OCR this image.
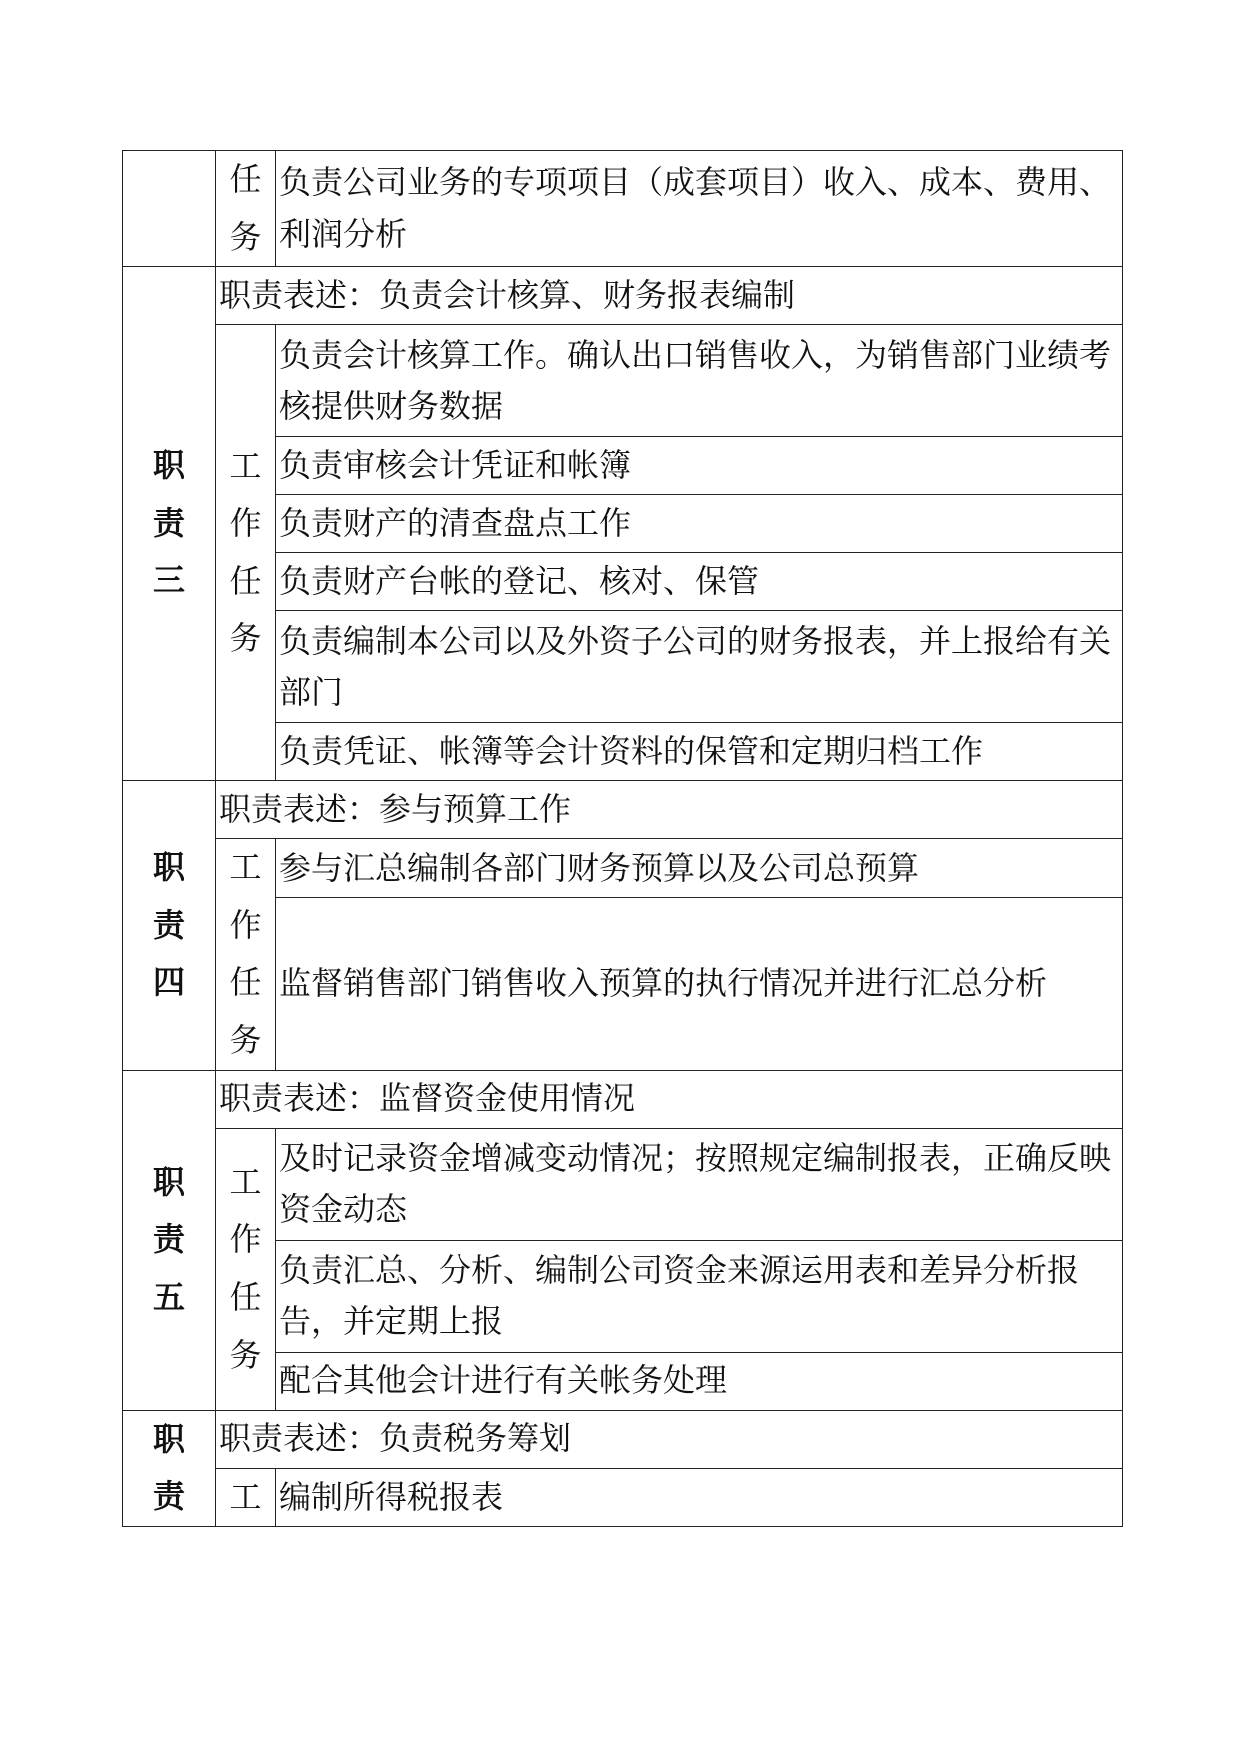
	任务	负责公司业务的专项项目（成套项目）收入、成本、费用、利润分析
职责三	职责表述：负责会计核算、财务报表编制	
	工作任务	负责会计核算工作。确认出口销售收入，为销售部门业绩考核提供财务数据
		负责审核会计凭证和帐簿
		负责财产的清查盘点工作
		负责财产台帐的登记、核对、保管
		负责编制本公司以及外资子公司的财务报表，并上报给有关部门
		负责凭证、帐簿等会计资料的保管和定期归档工作
职责四	职责表述：参与预算工作	
	工作任务	参与汇总编制各部门财务预算以及公司总预算
		监督销售部门销售收入预算的执行情况并进行汇总分析
职责五	职责表述：监督资金使用情况	
	工作任务	及时记录资金增减变动情况；按照规定编制报表，正确反映资金动态
		负责汇总、分析、编制公司资金来源运用表和差异分析报告，并定期上报
		配合其他会计进行有关帐务处理
职责	职责表述：负责税务筹划	
	工	编制所得税报表
